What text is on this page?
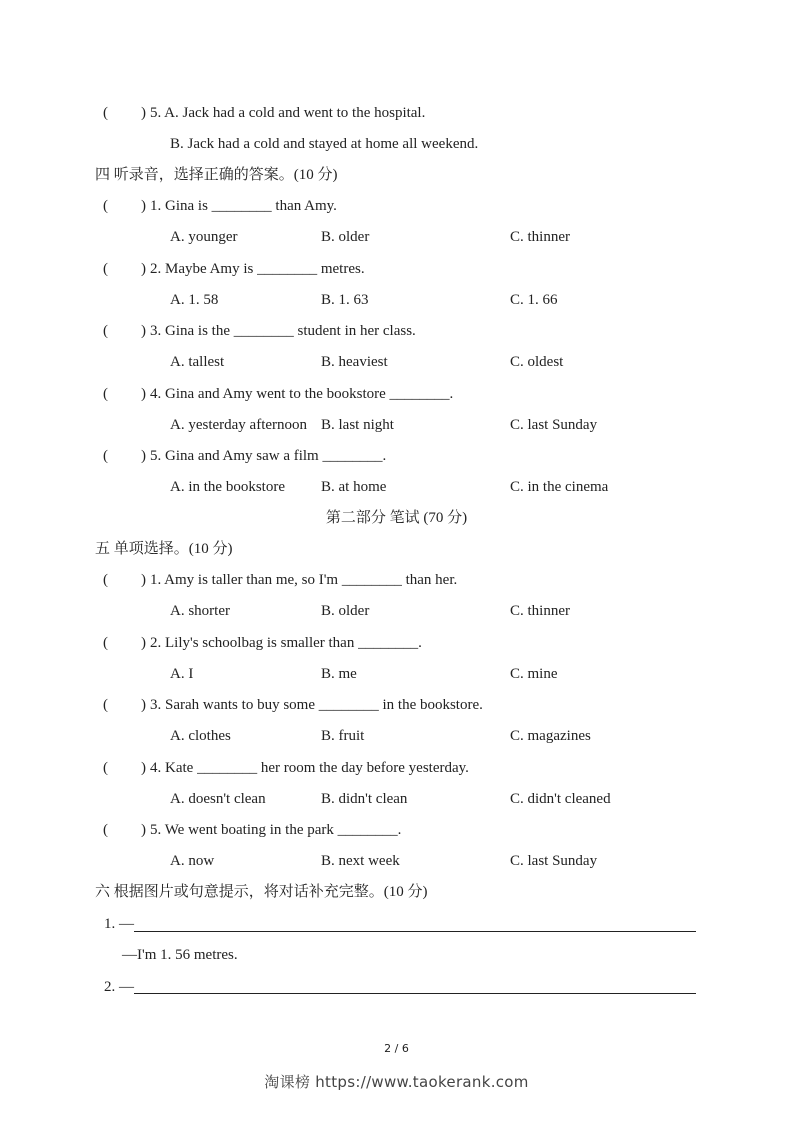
( ) 5. A. Jack had a cold and went to the hospital.
B. Jack had a cold and stayed at home all weekend.
四 听录音，选择正确的答案。(10 分)
( ) 1. Gina is ________ than Amy.
A. younger	B. older	C. thinner
( ) 2. Maybe Amy is ________ metres.
A. 1. 58	B. 1. 63	C. 1. 66
( ) 3. Gina is the ________ student in her class.
A. tallest	B. heaviest	C. oldest
( ) 4. Gina and Amy went to the bookstore ________.
A. yesterday afternoon B. last night	C. last Sunday
( ) 5. Gina and Amy saw a film ________.
A. in the bookstore B. at home	C. in the cinema
第二部分 笔试 (70 分)
五 单项选择。(10 分)
( ) 1. Amy is taller than me, so I'm ________ than her.
A. shorter	B. older	C. thinner
( ) 2. Lily's schoolbag is smaller than ________.
A. I	B. me	C. mine
( ) 3. Sarah wants to buy some ________ in the bookstore.
A. clothes	B. fruit	C. magazines
( ) 4. Kate ________ her room the day before yesterday.
A. doesn't clean	B. didn't clean	C. didn't cleaned
( ) 5. We went boating in the park ________.
A. now	B. next week	C. last Sunday
六 根据图片或句意提示，将对话补充完整。(10 分)
1. —
—I'm 1. 56 metres.
2. —
2 / 6
淘课榜 https://www.taokerank.com
